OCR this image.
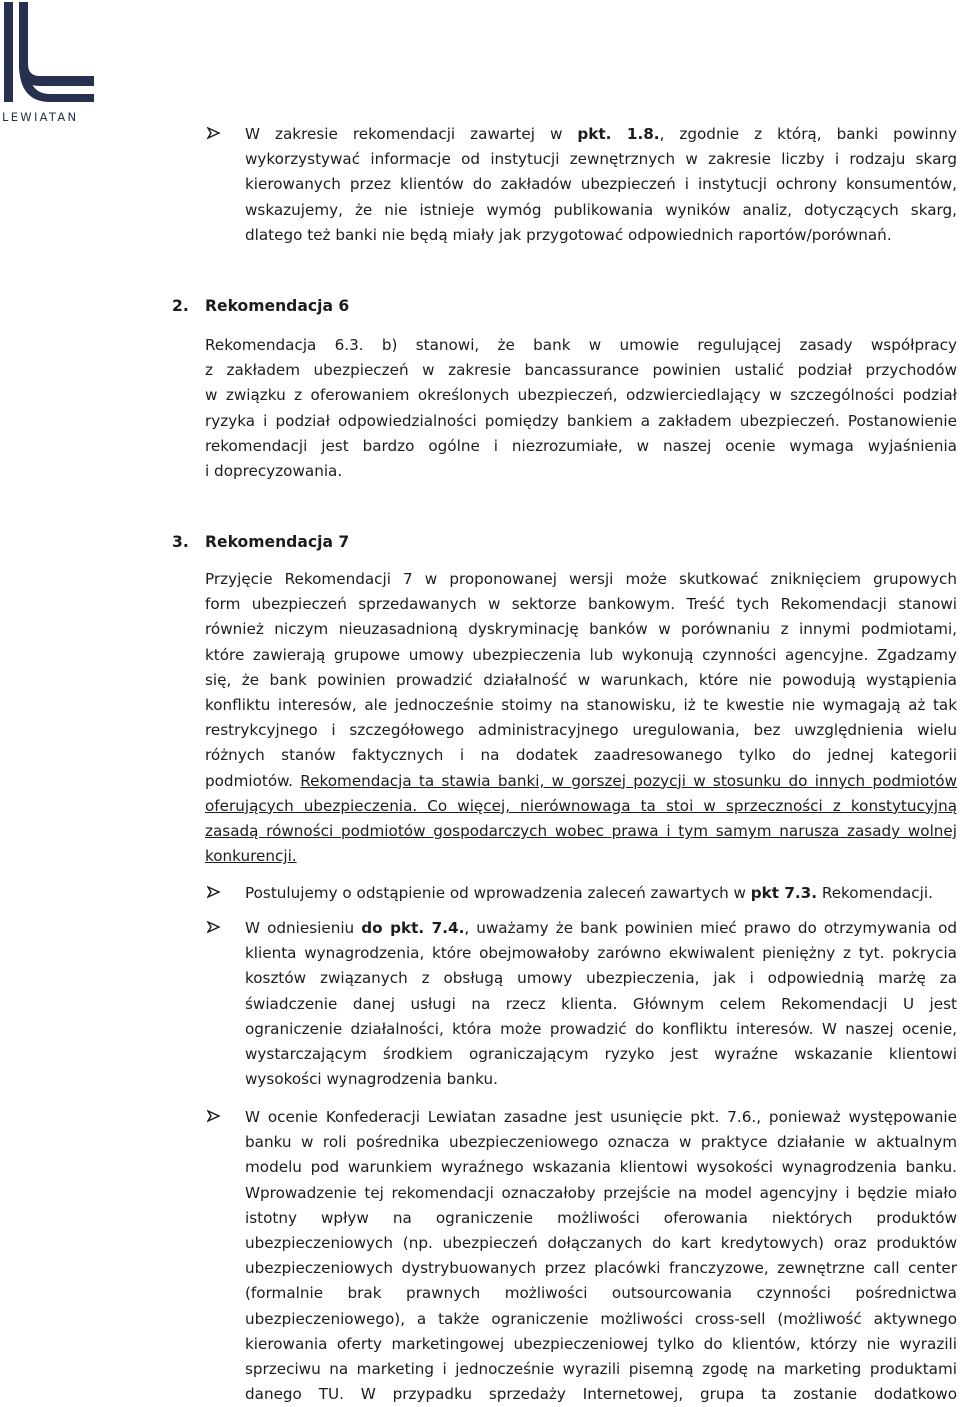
LEWIATAN
W zakresie rekomendacji zawartej w pkt. 1.8., zgodnie z którą, banki powinny
wykorzystywać informacje od instytucji zewnętrznych w zakresie liczby i rodzaju skarg
kierowanych przez klientów do zakładów ubezpieczeń i instytucji ochrony konsumentów,
wskazujemy, że nie istnieje wymóg publikowania wyników analiz, dotyczących skarg,
dlatego też banki nie będą miały jak przygotować odpowiednich raportów/porównań.
2. Rekomendacja 6
Rekomendacja 6.3. b) stanowi, że bank w umowie regulującej zasady współpracy
z zakładem ubezpieczeń w zakresie bancassurance powinien ustalić podział przychodów
w związku z oferowaniem określonych ubezpieczeń, odzwierciedlający w szczególności podział
ryzyka i podział odpowiedzialności pomiędzy bankiem a zakładem ubezpieczeń. Postanowienie
rekomendacji jest bardzo ogólne i niezrozumiałe, w naszej ocenie wymaga wyjaśnienia
i doprecyzowania.
3. Rekomendacja 7
Przyjęcie Rekomendacji 7 w proponowanej wersji może skutkować zniknięciem grupowych
form ubezpieczeń sprzedawanych w sektorze bankowym. Treść tych Rekomendacji stanowi
również niczym nieuzasadnioną dyskryminację banków w porównaniu z innymi podmiotami,
które zawierają grupowe umowy ubezpieczenia lub wykonują czynności agencyjne. Zgadzamy
się, że bank powinien prowadzić działalność w warunkach, które nie powodują wystąpienia
konfliktu interesów, ale jednocześnie stoimy na stanowisku, iż te kwestie nie wymagają aż tak
restrykcyjnego i szczegółowego administracyjnego uregulowania, bez uwzględnienia wielu
różnych stanów faktycznych i na dodatek zaadresowanego tylko do jednej kategorii
podmiotów. Rekomendacja ta stawia banki, w gorszej pozycji w stosunku do innych podmiotów
oferujących ubezpieczenia. Co więcej, nierównowaga ta stoi w sprzeczności z konstytucyjną
zasadą równości podmiotów gospodarczych wobec prawa i tym samym narusza zasady wolnej
konkurencji.
Postulujemy o odstąpienie od wprowadzenia zaleceń zawartych w pkt 7.3. Rekomendacji.
W odniesieniu do pkt. 7.4., uważamy że bank powinien mieć prawo do otrzymywania od
klienta wynagrodzenia, które obejmowałoby zarówno ekwiwalent pieniężny z tyt. pokrycia
kosztów związanych z obsługą umowy ubezpieczenia, jak i odpowiednią marżę za
świadczenie danej usługi na rzecz klienta. Głównym celem Rekomendacji U jest
ograniczenie działalności, która może prowadzić do konfliktu interesów. W naszej ocenie,
wystarczającym środkiem ograniczającym ryzyko jest wyraźne wskazanie klientowi
wysokości wynagrodzenia banku.
W ocenie Konfederacji Lewiatan zasadne jest usunięcie pkt. 7.6., ponieważ występowanie
banku w roli pośrednika ubezpieczeniowego oznacza w praktyce działanie w aktualnym
modelu pod warunkiem wyraźnego wskazania klientowi wysokości wynagrodzenia banku.
Wprowadzenie tej rekomendacji oznaczałoby przejście na model agencyjny i będzie miało
istotny wpływ na ograniczenie możliwości oferowania niektórych produktów
ubezpieczeniowych (np. ubezpieczeń dołączanych do kart kredytowych) oraz produktów
ubezpieczeniowych dystrybuowanych przez placówki franczyzowe, zewnętrzne call center
(formalnie brak prawnych możliwości outsourcowania czynności pośrednictwa
ubezpieczeniowego), a także ograniczenie możliwości cross-sell (możliwość aktywnego
kierowania oferty marketingowej ubezpieczeniowej tylko do klientów, którzy nie wyrazili
sprzeciwu na marketing i jednocześnie wyrazili pisemną zgodę na marketing produktami
danego TU. W przypadku sprzedaży Internetowej, grupa ta zostanie dodatkowo
